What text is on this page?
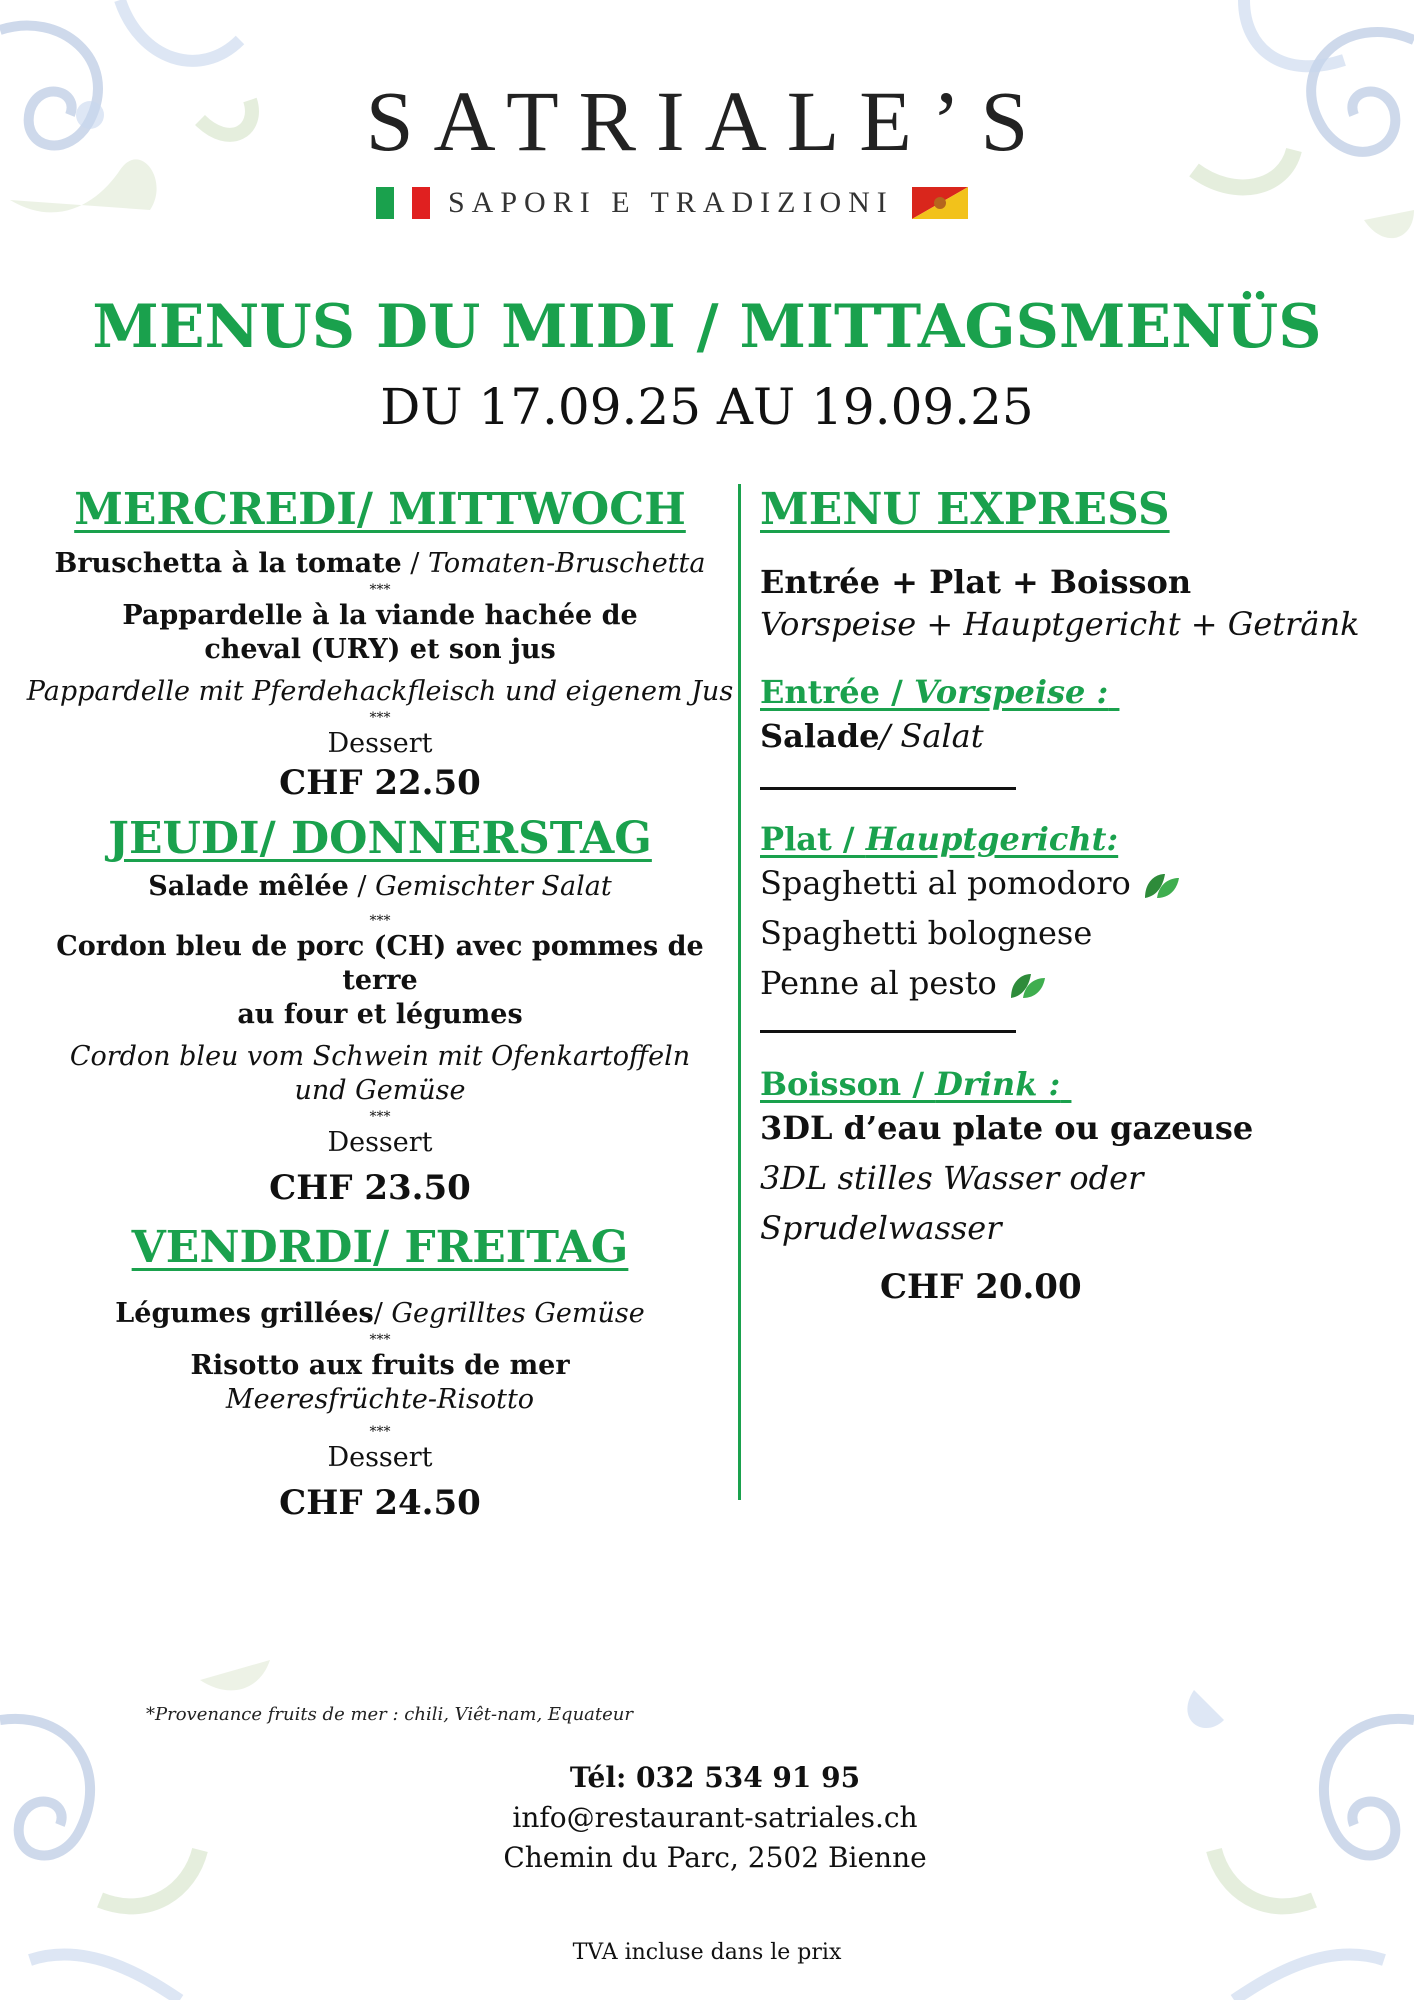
SATRIALE’S
SAPORI E TRADIZIONI
MENUS DU MIDI / MITTAGSMENÜS
DU 17.09.25 AU 19.09.25
MERCREDI/ MITTWOCH
Bruschetta à la tomate / Tomaten-Bruschetta
***
Pappardelle à la viande hachée de
cheval (URY) et son jus
Pappardelle mit Pferdehackfleisch und eigenem Jus
***
Dessert
CHF 22.50
JEUDI/ DONNERSTAG
Salade mêlée / Gemischter Salat
***
Cordon bleu de porc (CH) avec pommes de terre
au four et légumes
Cordon bleu vom Schwein mit Ofenkartoffeln
und Gemüse
***
Dessert
CHF 23.50
VENDRDI/ FREITAG
Légumes grillées/ Gegrilltes Gemüse
***
Risotto aux fruits de mer
Meeresfrüchte-Risotto
***
Dessert
CHF 24.50
MENU EXPRESS
Entrée + Plat + Boisson
Vorspeise + Hauptgericht + Getränk
Entrée / Vorspeise :
Salade/ Salat
Plat / Hauptgericht:
Spaghetti al pomodoro
Spaghetti bolognese
Penne al pesto
Boisson / Drink :
3DL d’eau plate ou gazeuse
3DL stilles Wasser oder
Sprudelwasser
CHF 20.00
*Provenance fruits de mer : chili, Viêt-nam, Equateur
Tél: 032 534 91 95
info@restaurant-satriales.ch
Chemin du Parc, 2502 Bienne
TVA incluse dans le prix
